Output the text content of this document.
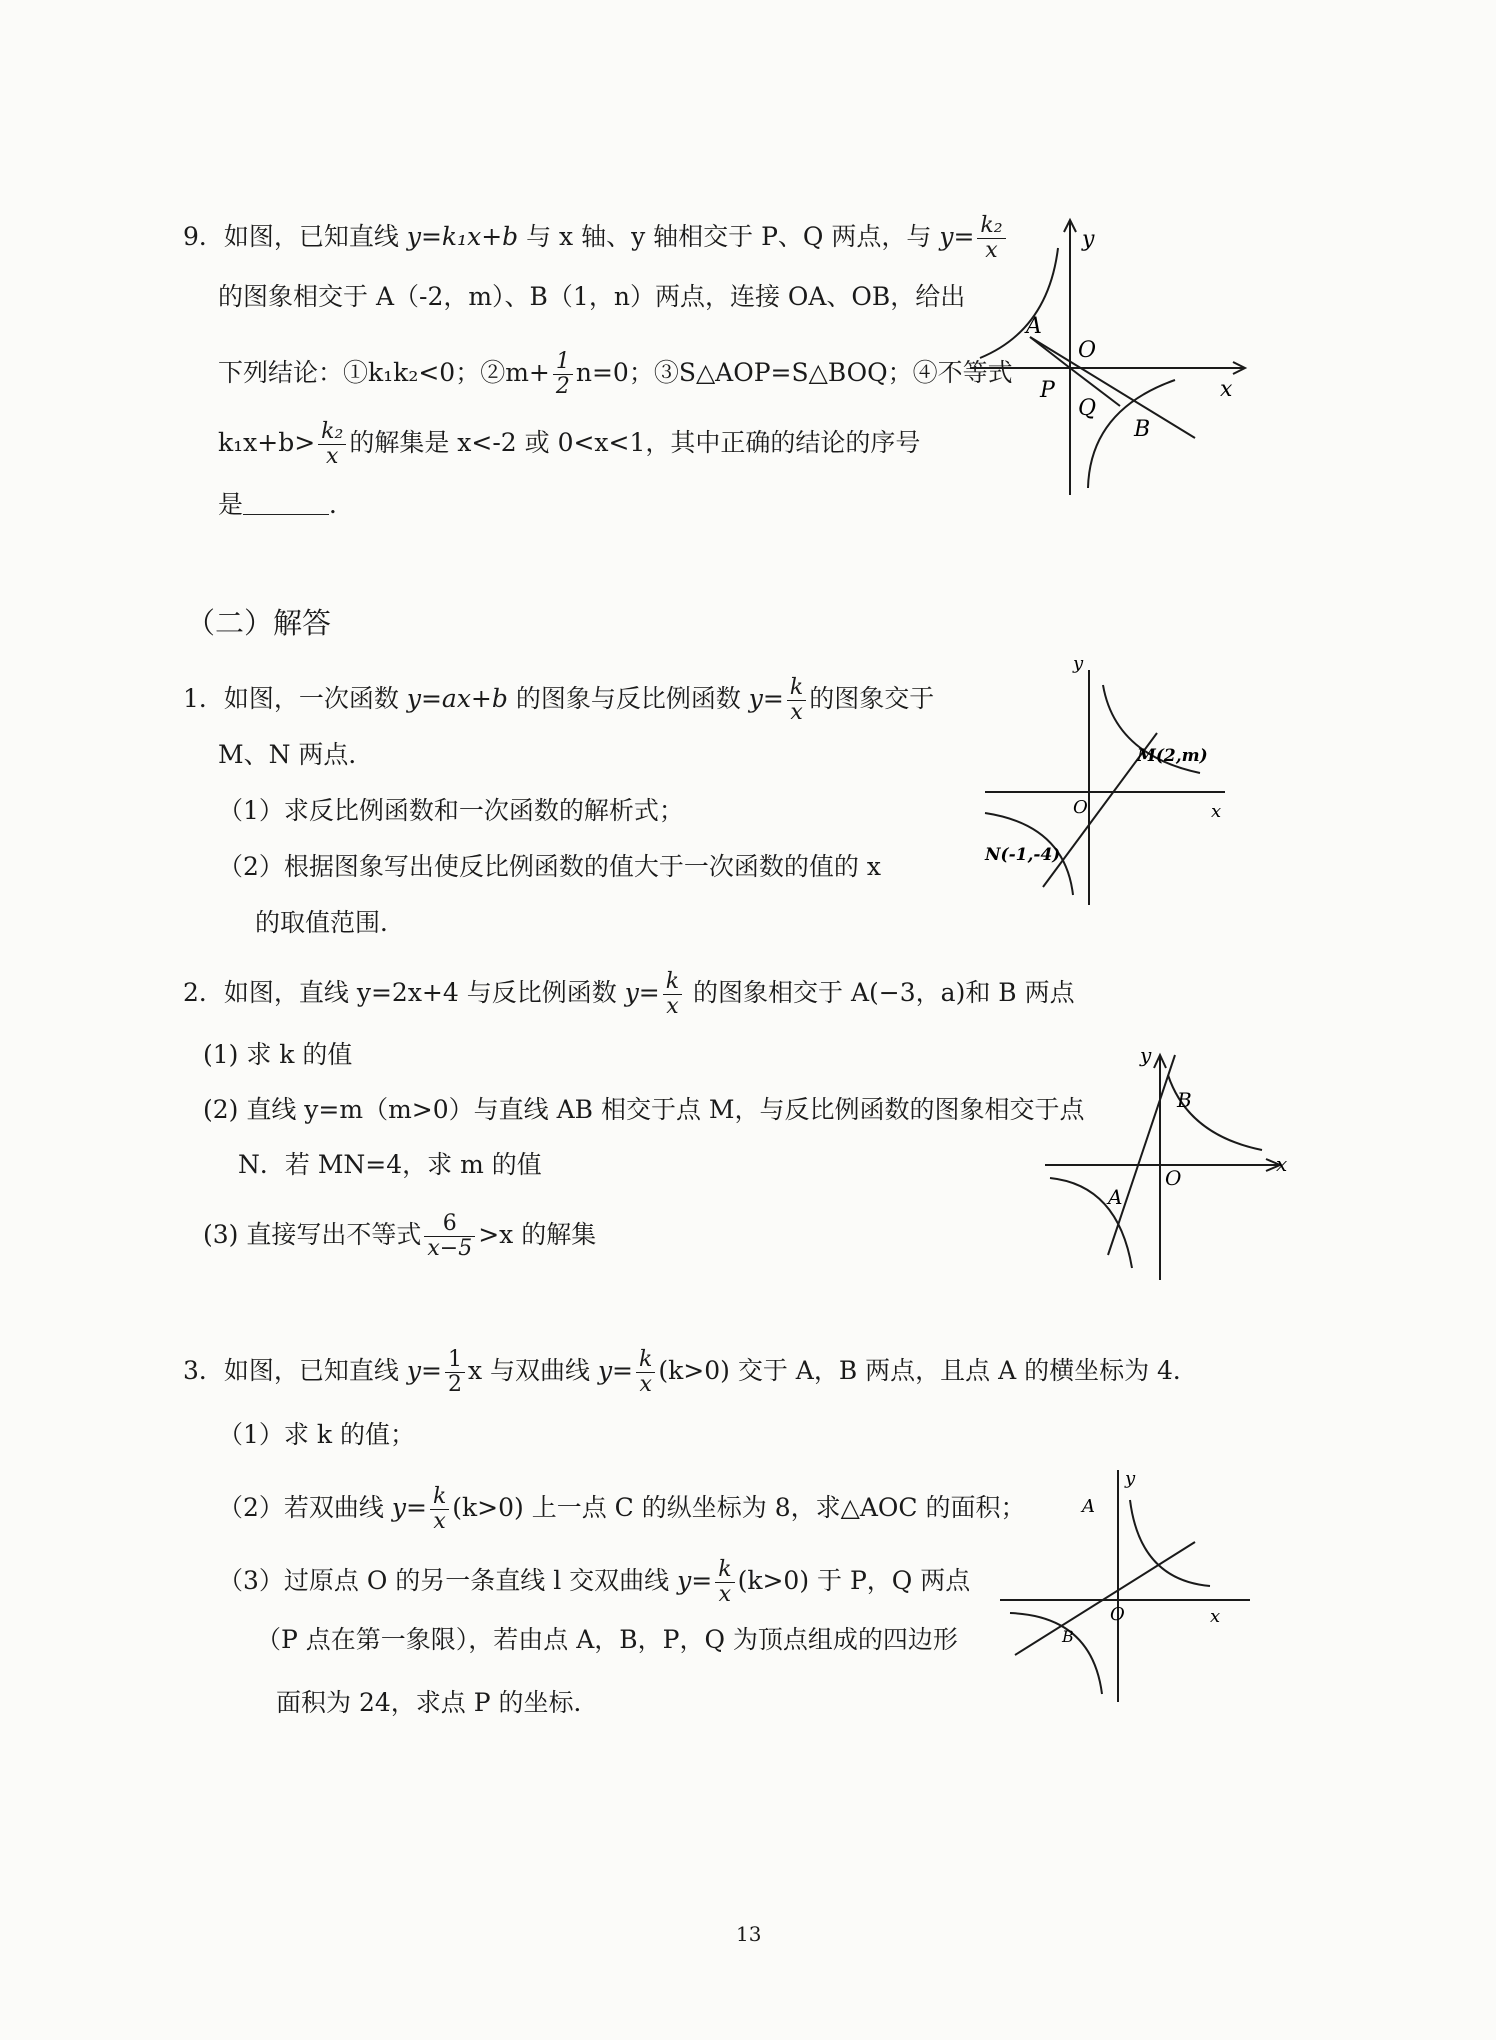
9．如图，已知直线 y=k₁x+b 与 x 轴、y 轴相交于 P、Q 两点，与 $y= \frac{\text{k₂}}{x}$
的图象相交于 A（-2，m）、B（1，n）两点，连接 OA、OB，给出
下列结论：①k₁k₂<0；②m+ $\frac{1}{2} n=0$；③S△AOP=S△BOQ；④不等式
$k_1x+b> \frac{\text{k₂}}{x}$ 的解集是 x<-2 或 0<x<1，其中正确的结论的序号
是	．
y
x
O
A
B
P
Q
（二）解答
1．如图，一次函数 y=ax+b 的图象与反比例函数 $y= \frac{k}{x}$ 的图象交于
M、N 两点．
（1）求反比例函数和一次函数的解析式；
（2）根据图象写出使反比例函数的值大于一次函数的值的 x
的取值范围．
y
x
O
M(2,m)
N(-1,-4)
2．如图，直线 y=2x+4 与反比例函数 $y= \frac{k}{x}$ 的图象相交于 A(−3，a)和 B 两点
(1) 求 k 的值
(2) 直线 y=m（m>0）与直线 AB 相交于点 M，与反比例函数的图象相交于点
N．若 MN=4，求 m 的值
(3) 直接写出不等式 $\frac{6}{x-5} >x$ 的解集
y
x
O
A
B
3．如图，已知直线 $y= \frac{1}{2}$ x 与双曲线 $y= \frac{k}{x} (k>0)$ 交于 A，B 两点，且点 A 的横坐标为 4．
（1）求 k 的值；
（2）若双曲线 $y= \frac{k}{x} (k>0)$ 上一点 C 的纵坐标为 8，求△AOC 的面积；
（3）过原点 O 的另一条直线 l 交双曲线 $y= \frac{k}{x} (k>0)$ 于 P，Q 两点
（P 点在第一象限），若由点 A，B，P，Q 为顶点组成的四边形
面积为 24，求点 P 的坐标．
y
x
O
A
B
13
